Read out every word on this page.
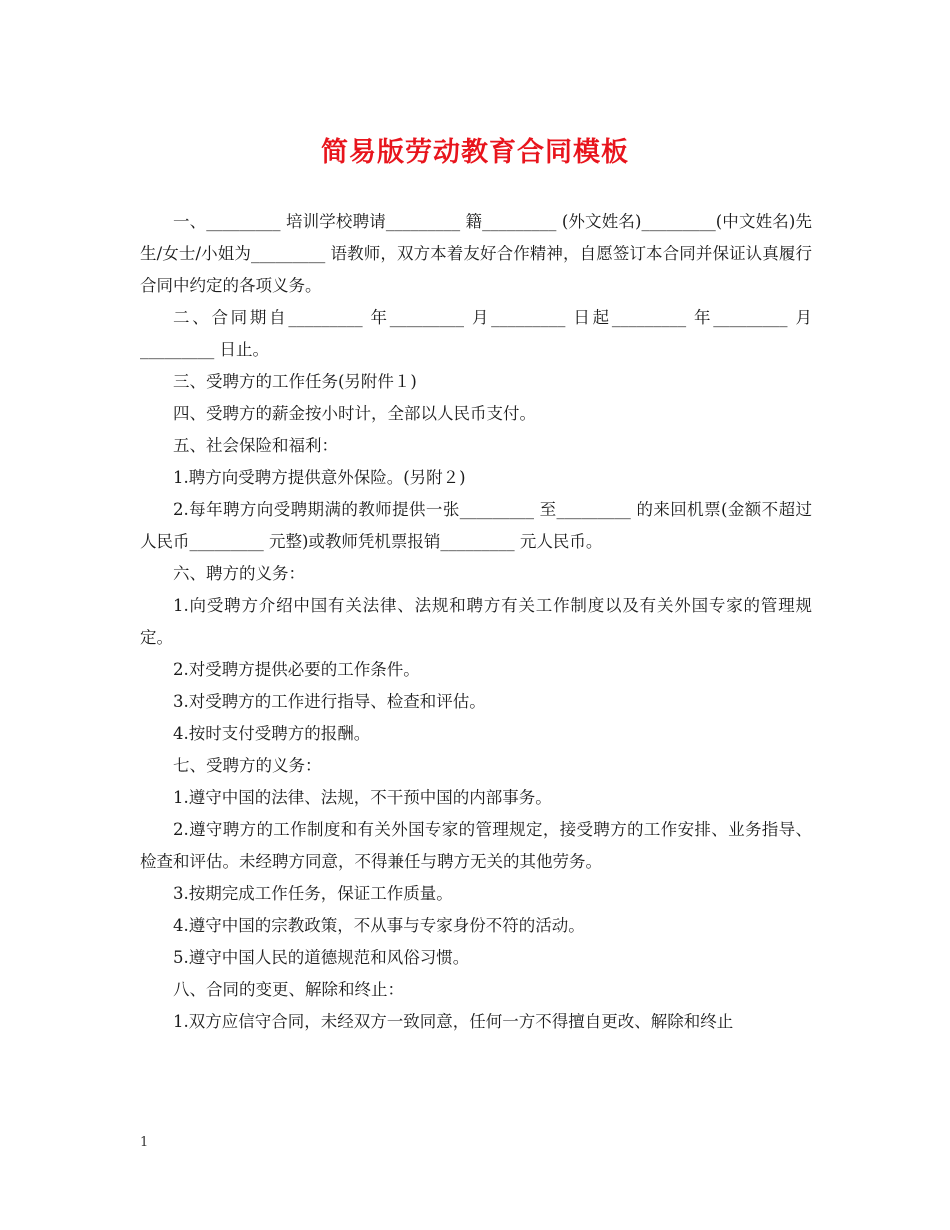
简易版劳动教育合同模板

一、_________ 培训学校聘请_________ 籍_________ (外文姓名)_________(中文姓名)先生/女士/小姐为_________ 语教师，双方本着友好合作精神，自愿签订本合同并保证认真履行合同中约定的各项义务。

二、合同期自_________ 年_________ 月_________ 日起_________ 年_________ 月_________ 日止。

三、受聘方的工作任务(另附件１)

四、受聘方的薪金按小时计，全部以人民币支付。

五、社会保险和福利：

1.聘方向受聘方提供意外保险。(另附２)

2.每年聘方向受聘期满的教师提供一张_________ 至_________ 的来回机票(金额不超过人民币_________ 元整)或教师凭机票报销_________ 元人民币。

六、聘方的义务：

1.向受聘方介绍中国有关法律、法规和聘方有关工作制度以及有关外国专家的管理规定。

2.对受聘方提供必要的工作条件。

3.对受聘方的工作进行指导、检查和评估。

4.按时支付受聘方的报酬。

七、受聘方的义务：

1.遵守中国的法律、法规，不干预中国的内部事务。

2.遵守聘方的工作制度和有关外国专家的管理规定，接受聘方的工作安排、业务指导、检查和评估。未经聘方同意，不得兼任与聘方无关的其他劳务。

3.按期完成工作任务，保证工作质量。

4.遵守中国的宗教政策，不从事与专家身份不符的活动。

5.遵守中国人民的道德规范和风俗习惯。

八、合同的变更、解除和终止：

1.双方应信守合同，未经双方一致同意，任何一方不得擅自更改、解除和终止

1
